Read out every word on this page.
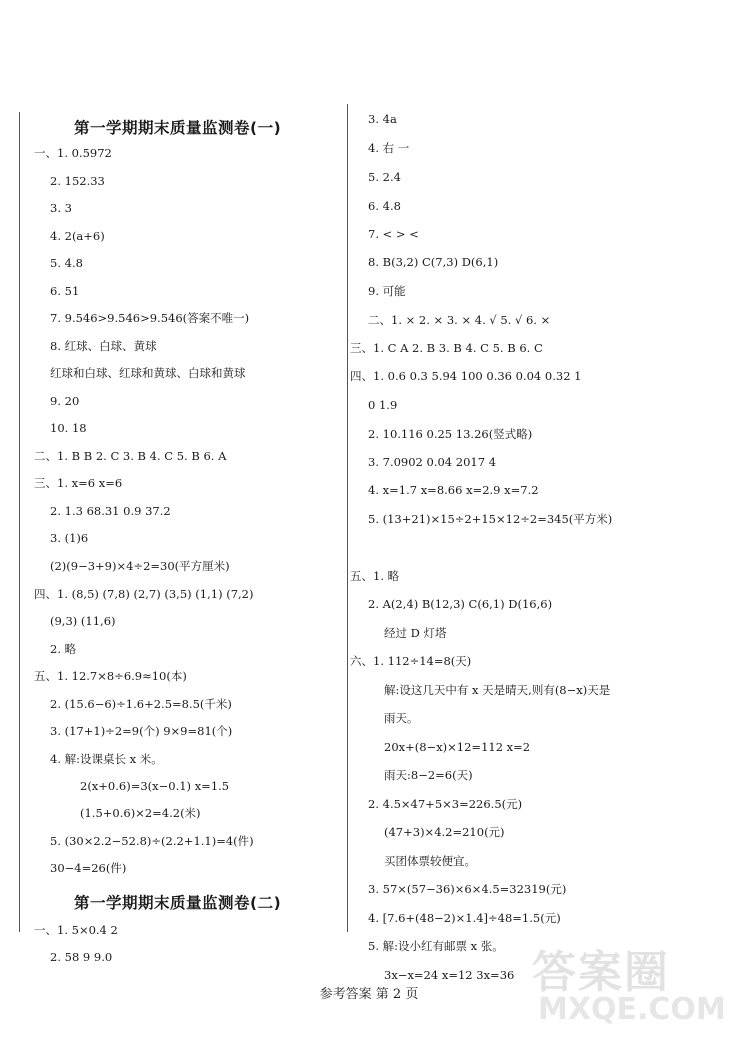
第一学期期末质量监测卷(一)
一、1. 0.5972
2. 152.33
3. 3
4. 2(a+6)
5. 4.8
6. 51
7. 9.546>9.546>9.546(答案不唯一)
8. 红球、白球、黄球
红球和白球、红球和黄球、白球和黄球
9. 20
10. 18
二、1. B B 2. C 3. B 4. C 5. B 6. A
三、1. x=6 x=6
2. 1.3 68.31 0.9 37.2
3. (1)6
(2)(9−3+9)×4÷2=30(平方厘米)
四、1. (8,5) (7,8) (2,7) (3,5) (1,1) (7,2)
(9,3) (11,6)
2. 略
五、1. 12.7×8÷6.9≈10(本)
2. (15.6−6)÷1.6+2.5=8.5(千米)
3. (17+1)÷2=9(个) 9×9=81(个)
4. 解:设课桌长 x 米。
2(x+0.6)=3(x−0.1) x=1.5
(1.5+0.6)×2=4.2(米)
5. (30×2.2−52.8)÷(2.2+1.1)=4(件)
30−4=26(件)
第一学期期末质量监测卷(二)
一、1. 5×0.4 2
2. 58 9 9.0
3. 4a
4. 右 一
5. 2.4
6. 4.8
7. < > <
8. B(3,2) C(7,3) D(6,1)
9. 可能
二、1. × 2. × 3. × 4. √ 5. √ 6. ×
三、1. C A 2. B 3. B 4. C 5. B 6. C
四、1. 0.6 0.3 5.94 100 0.36 0.04 0.32 1
0 1.9
2. 10.116 0.25 13.26(竖式略)
3. 7.0902 0.04 2017 4
4. x=1.7 x=8.66 x=2.9 x=7.2
5. (13+21)×15÷2+15×12÷2=345(平方米)
五、1. 略
2. A(2,4) B(12,3) C(6,1) D(16,6)
经过 D 灯塔
六、1. 112÷14=8(天)
解:设这几天中有 x 天是晴天,则有(8−x)天是
雨天。
20x+(8−x)×12=112 x=2
雨天:8−2=6(天)
2. 4.5×47+5×3=226.5(元)
(47+3)×4.2=210(元)
买团体票较便宜。
3. 57×(57−36)×6×4.5=32319(元)
4. [7.6+(48−2)×1.4]÷48=1.5(元)
5. 解:设小红有邮票 x 张。
3x−x=24 x=12 3x=36
参考答案 第 2 页	答案圈
MXQE.COM
